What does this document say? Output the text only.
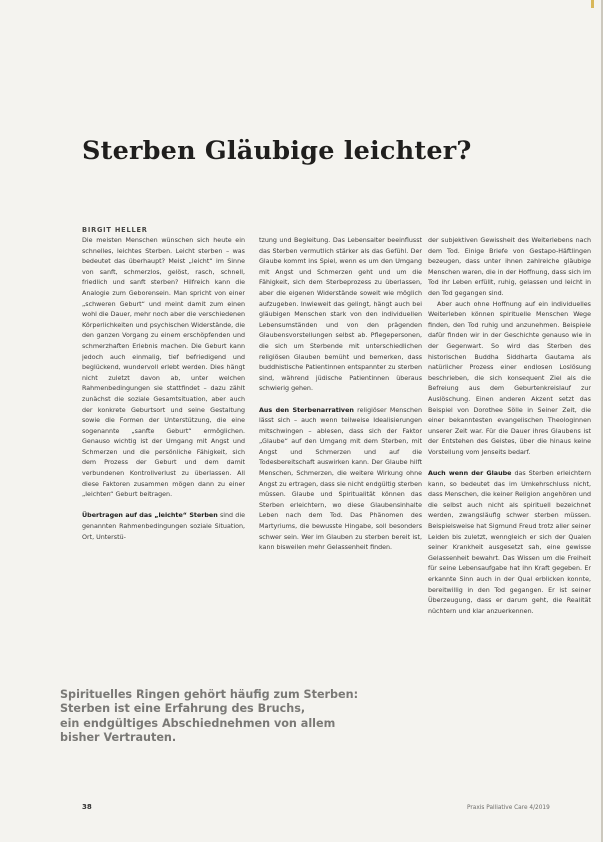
Sterben Gläubige leichter?
BIRGIT HELLER

Die meisten Menschen wünschen sich heute ein schnelles, leichtes Sterben. Leicht sterben – was bedeutet das überhaupt? Meist „leicht“ im Sinne von sanft, schmerzlos, gelöst, rasch, schnell, friedlich und sanft sterben? Hilfreich kann die Analogie zum Geborensein. Man spricht von einer „schweren Geburt“ und meint damit zum einen wohl die Dauer, mehr noch aber die verschiedenen Körperlichkeiten und psychischen Widerstände, die den ganzen Vorgang zu einem erschöpfenden und schmerzhaften Erlebnis machen. Die Geburt kann jedoch auch einmalig, tief befriedigend und beglückend, wundervoll erlebt werden. Dies hängt nicht zuletzt davon ab, unter welchen Rahmenbedingungen sie stattfindet – dazu zählt zunächst die soziale Gesamtsituation, aber auch der konkrete Geburtsort und seine Gestaltung sowie die Formen der Unterstützung, die eine sogenannte „sanfte Geburt“ ermöglichen. Genauso wichtig ist der Umgang mit Angst und Schmerzen und die persönliche Fähigkeit, sich dem Prozess der Geburt und dem damit verbundenen Kontrollverlust zu überlassen. All diese Faktoren zusammen mögen dann zu einer „leichten“ Geburt beitragen.

Übertragen auf das „leichte“ Sterben sind die genannten Rahmenbedingungen soziale Situation, Ort, Unterstü-

tzung und Begleitung. Das Lebensalter beeinflusst das Sterben vermutlich stärker als das Gefühl. Der Glaube kommt ins Spiel, wenn es um den Umgang mit Angst und Schmerzen geht und um die Fähigkeit, sich dem Sterbeprozess zu überlassen, aber die eigenen Widerstände soweit wie möglich aufzugeben. Inwieweit das gelingt, hängt auch bei gläubigen Menschen stark von den individuellen Lebensumständen und von den prägenden Glaubensvorstellungen selbst ab. Pflegepersonen, die sich um Sterbende mit unterschiedlichen religiösen Glauben bemüht und bemerken, dass buddhistische Patientinnen entspannter zu sterben sind, während jüdische Patientinnen überaus schwierig gehen.

Aus den Sterbenarrativen religiöser Menschen lässt sich – auch wenn teilweise Idealisierungen mitschwingen – ablesen, dass sich der Faktor „Glaube“ auf den Umgang mit dem Sterben, mit Angst und Schmerzen und auf die Todesbereitschaft auswirken kann. Der Glaube hilft Menschen, Schmerzen, die weitere Wirkung ohne Angst zu ertragen, dass sie nicht endgültig sterben müssen. Glaube und Spiritualität können das Sterben erleichtern, wo diese Glaubensinhalte Leben nach dem Tod. Das Phänomen des Martyriums, die bewusste Hingabe, soll besonders schwer sein. Wer im Glauben zu sterben bereit ist, kann bisweilen mehr Gelassenheit finden.

der subjektiven Gewissheit des Weiterlebens nach dem Tod. Einige Briefe von Gestapo-Häftlingen bezeugen, dass unter ihnen zahlreiche gläubige Menschen waren, die in der Hoffnung, dass sich im Tod ihr Leben erfüllt, ruhig, gelassen und leicht in den Tod gegangen sind.

Aber auch ohne Hoffnung auf ein individuelles Weiterleben können spirituelle Menschen Wege finden, den Tod ruhig und anzunehmen. Beispiele dafür finden wir in der Geschichte genauso wie in der Gegenwart. So wird das Sterben des historischen Buddha Siddharta Gautama als natürlicher Prozess einer endlosen Loslösung beschrieben, die sich konsequent Ziel als die Befreiung aus dem Geburtenkreislauf zur Auslöschung. Einen anderen Akzent setzt das Beispiel von Dorothee Sölle in Seiner Zeit, die einer bekanntesten evangelischen Theologinnen unserer Zeit war. Für die Dauer ihres Glaubens ist der Entstehen des Geistes, über die hinaus keine Vorstellung vom Jenseits bedarf.

Auch wenn der Glaube das Sterben erleichtern kann, so bedeutet das im Umkehrschluss nicht, dass Menschen, die keiner Religion angehören und die selbst auch nicht als spirituell bezeichnet werden, zwangsläufig schwer sterben müssen. Beispielsweise hat Sigmund Freud trotz aller seiner Leiden bis zuletzt, wenngleich er sich der Qualen seiner Krankheit ausgesetzt sah, eine gewisse Gelassenheit bewahrt. Das Wissen um die Freiheit für seine Lebensaufgabe hat ihn Kraft gegeben. Er erkannte Sinn auch in der Qual erblicken konnte, bereitwillig in den Tod gegangen. Er ist seiner Überzeugung, dass er darum geht, die Realität nüchtern und klar anzuerkennen.

Spirituelles Ringen gehört häufig zum Sterben:
Sterben ist eine Erfahrung des Bruchs,
ein endgültiges Abschiednehmen von allem
bisher Vertrauten.
38	Praxis Palliative Care 4/2019
